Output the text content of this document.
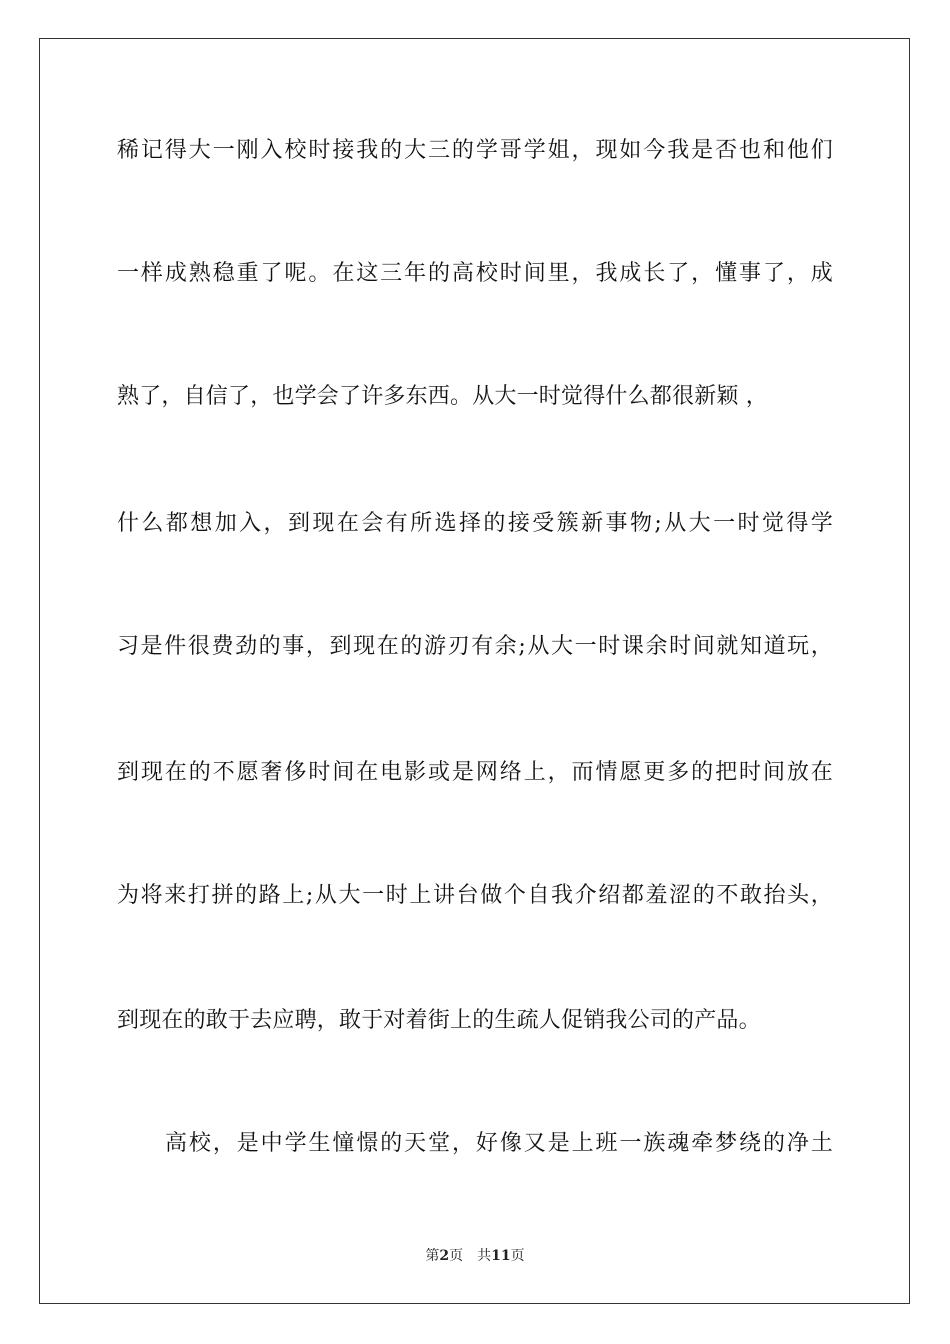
稀记得大一刚入校时接我的大三的学哥学姐，现如今我是否也和他们
一样成熟稳重了呢。在这三年的高校时间里，我成长了，懂事了，成
熟了，自信了，也学会了许多东西。从大一时觉得什么都很新颖 ，
什么都想加入，到现在会有所选择的接受簇新事物;从大一时觉得学
习是件很费劲的事，到现在的游刃有余;从大一时课余时间就知道玩，
到现在的不愿奢侈时间在电影或是网络上，而情愿更多的把时间放在
为将来打拼的路上;从大一时上讲台做个自我介绍都羞涩的不敢抬头，
到现在的敢于去应聘，敢于对着街上的生疏人促销我公司的产品。
高校，是中学生憧憬的天堂，好像又是上班一族魂牵梦绕的净土
第2页 共11页
